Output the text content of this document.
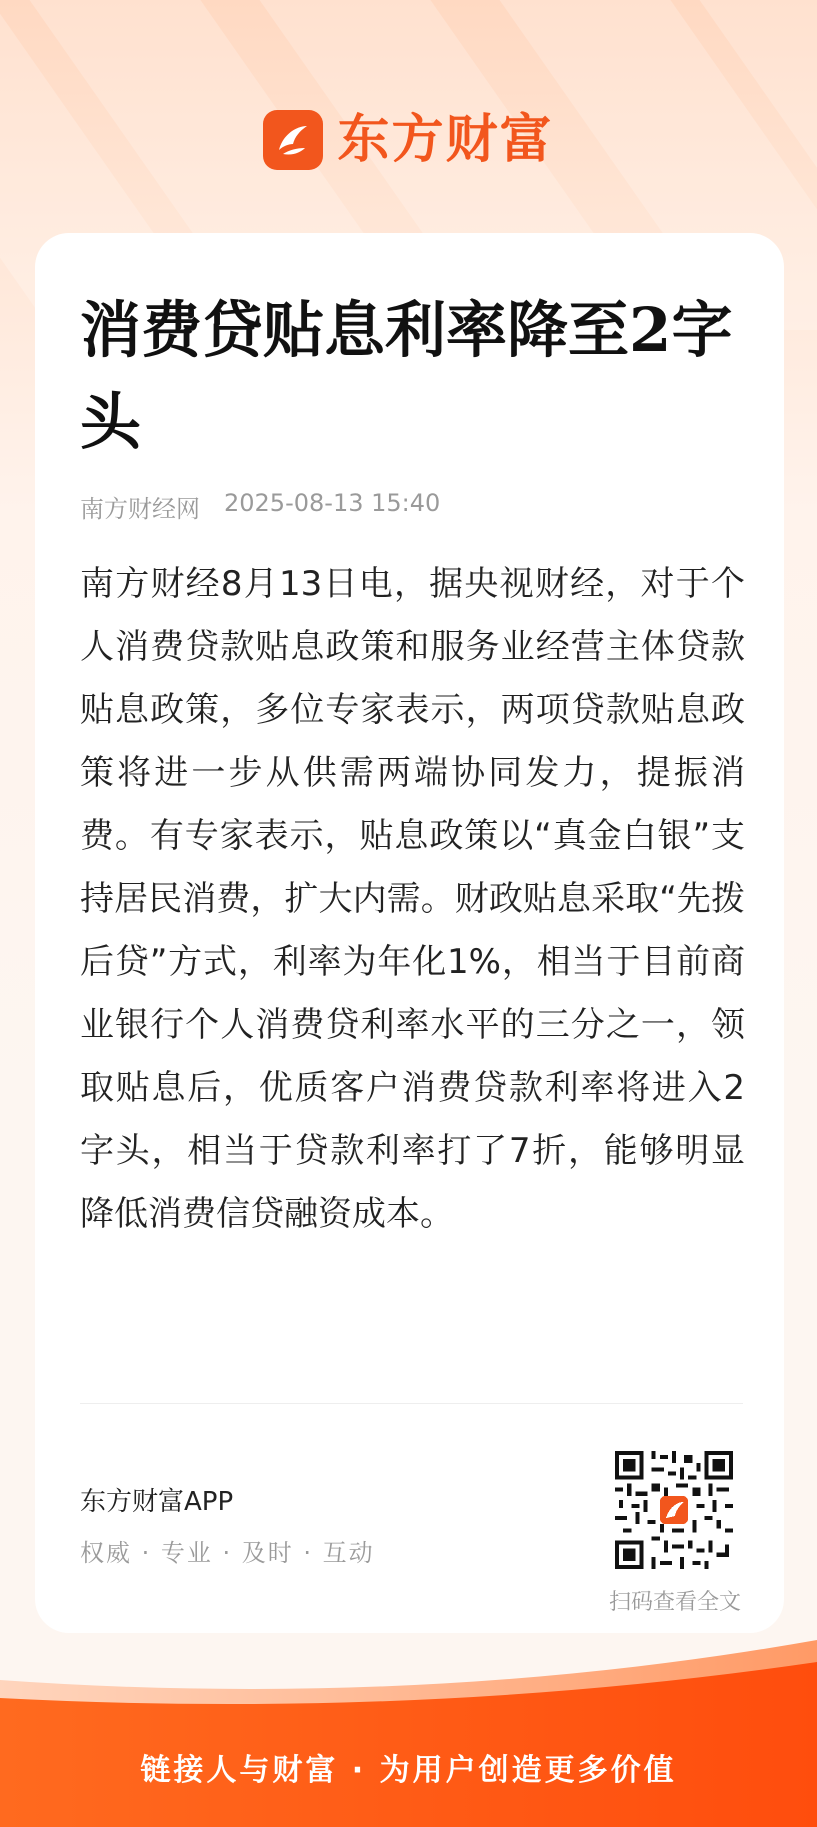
东方财富
消费贷贴息利率降至2字头
南方财经网 2025-08-13 15:40

南方财经8月13日电，据央视财经，对于个人消费贷款贴息政策和服务业经营主体贷款贴息政策，多位专家表示，两项贷款贴息政策将进一步从供需两端协同发力，提振消费。有专家表示，贴息政策以“真金白银”支持居民消费，扩大内需。财政贴息采取“先拨后贷”方式，利率为年化1%，相当于目前商业银行个人消费贷利率水平的三分之一，领取贴息后，优质客户消费贷款利率将进入2字头，相当于贷款利率打了7折，能够明显降低消费信贷融资成本。

东方财富APP
权威 · 专业 · 及时 · 互动
扫码查看全文
链接人与财富 · 为用户创造更多价值
